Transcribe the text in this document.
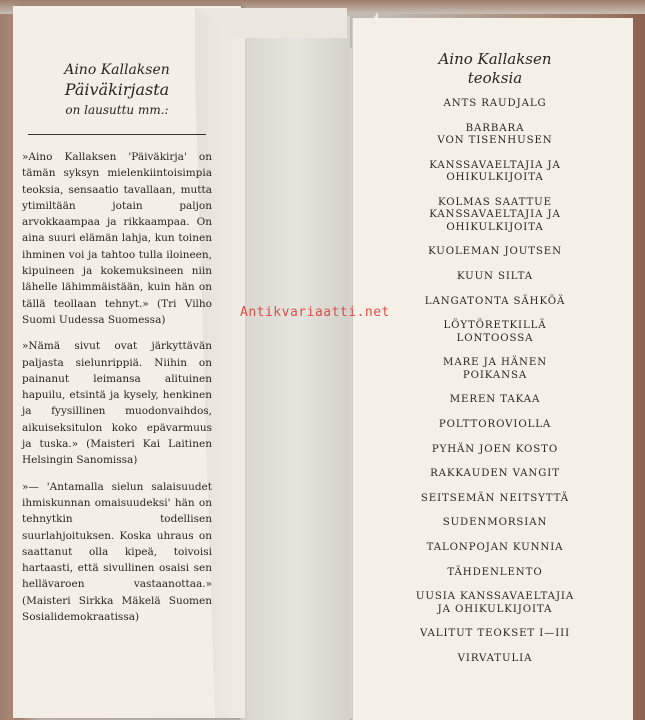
Aino Kallaksen

Päiväkirjasta

on lausuttu mm.:

»Aino Kallaksen 'Päiväkirja' on tämän syksyn mielenkiintoisimpia teoksia, sensaatio tavallaan, mutta ytimiltään jotain paljon arvokkaampaa ja rikkaampaa. On aina suuri elämän lahja, kun toinen ihminen voi ja tahtoo tulla iloineen, kipuineen ja kokemuksineen niin lähelle lähimmäistään, kuin hän on tällä teollaan tehnyt.» (Tri Vilho Suomi Uudessa Suomessa)

»Nämä sivut ovat järkyttävän paljasta sielunrippiä. Niihin on painanut leimansa alituinen hapuilu, etsintä ja kysely, henkinen ja fyysillinen muodonvaihdos, aikuiseksitulon koko epävarmuus ja tuska.» (Maisteri Kai Laitinen Helsingin Sanomissa)

»— 'Antamalla sielun salaisuudet ihmiskunnan omaisuudeksi' hän on tehnytkin todellisen suurlahjoituksen. Koska uhraus on saattanut olla kipeä, toivoisi hartaasti, että sivullinen osaisi sen hellävaroen vastaanottaa.» (Maisteri Sirkka Mäkelä Suomen Sosialidemokraatissa)

Aino Kallaksen

teoksia

ANTS RAUDJALG
BARBARA
VON TISENHUSEN
KANSSAVAELTAJIA JA
OHIKULKIJOITA
KOLMAS SAATTUE
KANSSAVAELTAJIA JA
OHIKULKIJOITA
KUOLEMAN JOUTSEN
KUUN SILTA
LANGATONTA SÄHKÖÄ
LÖYTÖRETKILLÄ
LONTOOSSA
MARE JA HÄNEN
POIKANSA
MEREN TAKAA
POLTTOROVIOLLA
PYHÄN JOEN KOSTO
RAKKAUDEN VANGIT
SEITSEMÄN NEITSYTTÄ
SUDENMORSIAN
TALONPOJAN KUNNIA
TÄHDENLENTO
UUSIA KANSSAVAELTAJIA
JA OHIKULKIJOITA
VALITUT TEOKSET I—III
VIRVATULIA
Antikvariaatti.net
